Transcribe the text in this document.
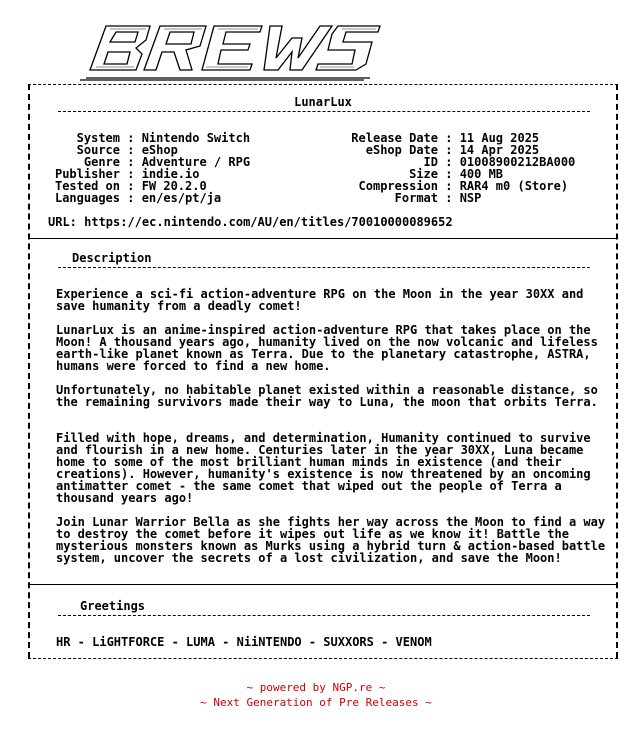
LunarLux
System : Nintendo Switch
Source : eShop
Genre : Adventure / RPG
Publisher : indie.io
Tested on : FW 20.2.0
Languages : en/es/pt/ja
Release Date : 11 Aug 2025
eShop Date : 14 Apr 2025
ID : 01008900212BA000
Size : 400 MB
Compression : RAR4 m0 (Store)
Format : NSP
URL: https://ec.nintendo.com/AU/en/titles/70010000089652
Description
Experience a sci-fi action-adventure RPG on the Moon in the year 30XX and save humanity from a deadly comet!
LunarLux is an anime-inspired action-adventure RPG that takes place on the Moon! A thousand years ago, humanity lived on the now volcanic and lifeless earth-like planet known as Terra. Due to the planetary catastrophe, ASTRA, humans were forced to find a new home.
Unfortunately, no habitable planet existed within a reasonable distance, so the remaining survivors made their way to Luna, the moon that orbits Terra.
Filled with hope, dreams, and determination, Humanity continued to survive and flourish in a new home. Centuries later in the year 30XX, Luna became home to some of the most brilliant human minds in existence (and their creations). However, humanity's existence is now threatened by an oncoming antimatter comet - the same comet that wiped out the people of Terra a thousand years ago!
Join Lunar Warrior Bella as she fights her way across the Moon to find a way to destroy the comet before it wipes out life as we know it! Battle the mysterious monsters known as Murks using a hybrid turn & action-based battle system, uncover the secrets of a lost civilization, and save the Moon!
Greetings
HR - LiGHTFORCE - LUMA - NiiNTENDO - SUXXORS - VENOM
~ powered by NGP.re ~
~ Next Generation of Pre Releases ~
